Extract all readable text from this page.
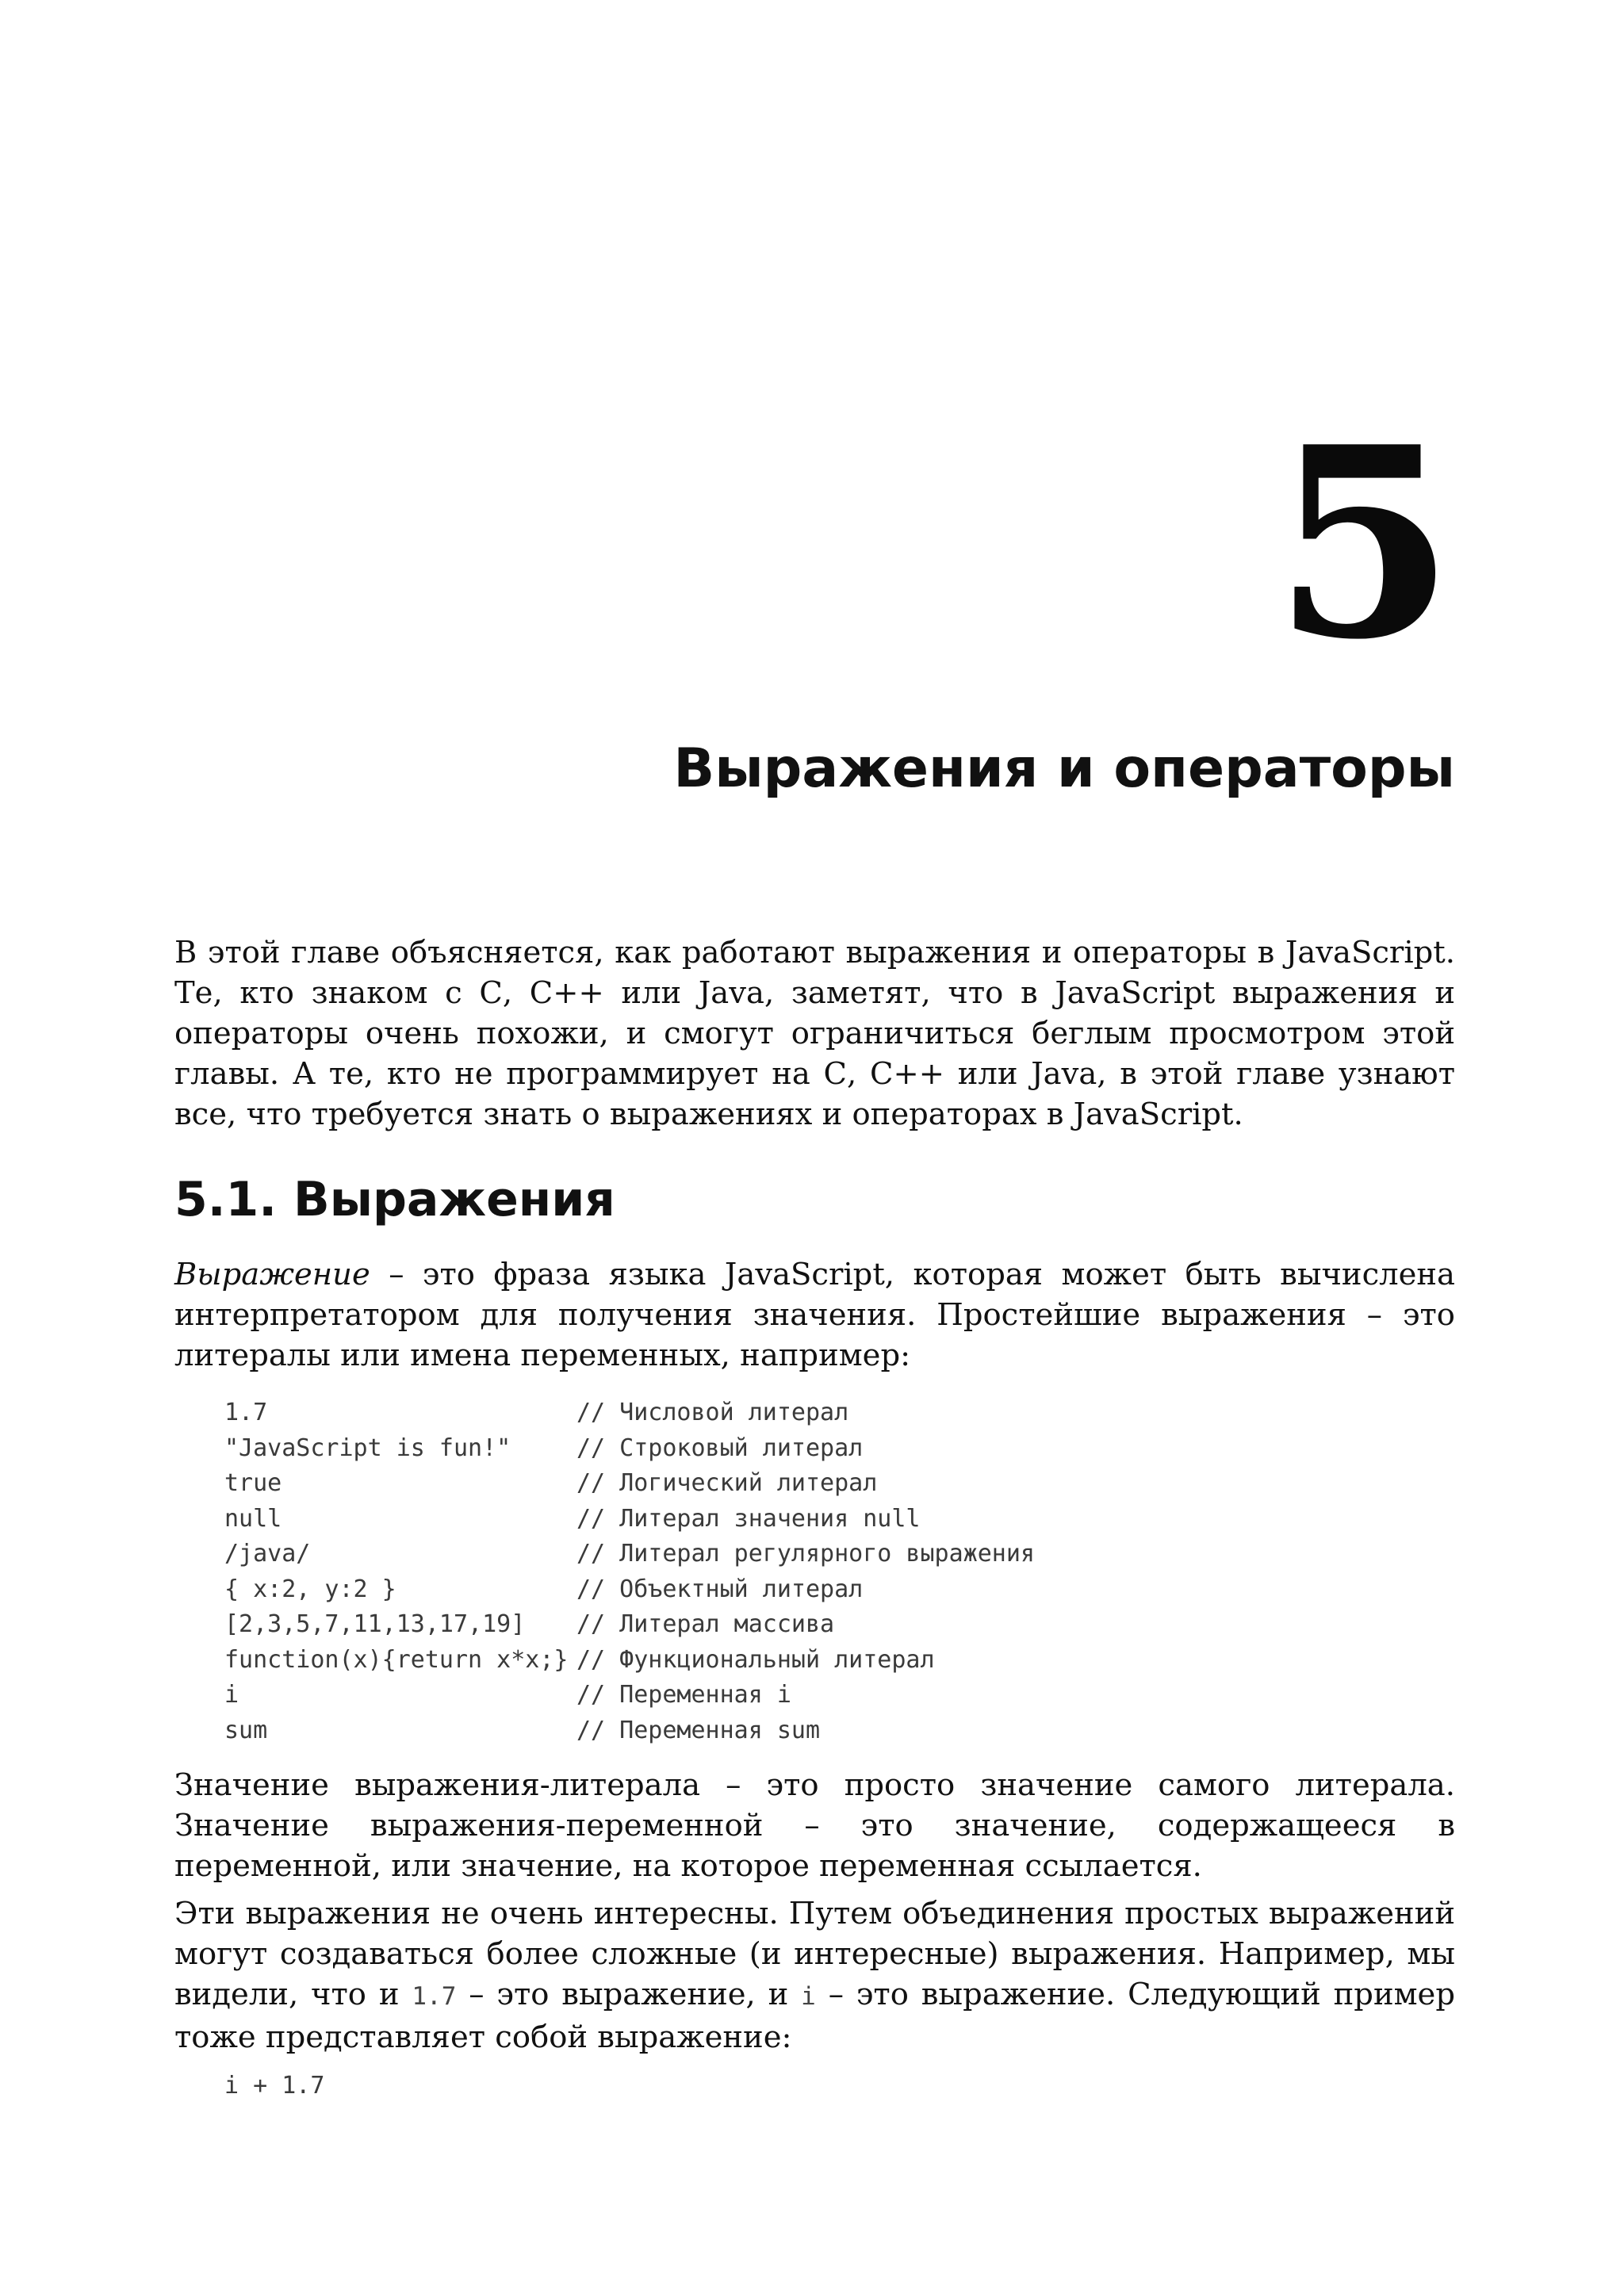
5
Выражения и операторы

В этой главе объясняется, как работают выражения и операторы в JavaScript. Те, кто знаком с С, С++ или Java, заметят, что в JavaScript выражения и операторы очень похожи, и смогут ограничиться беглым просмотром этой главы. А те, кто не программирует на С, С++ или Java, в этой главе узнают все, что требуется знать о выражениях и операторах в JavaScript.

5.1. Выражения

Выражение – это фраза языка JavaScript, которая может быть вычислена интерпретатором для получения значения. Простейшие выражения – это литералы или имена переменных, например:

1.7	// Числовой литерал
"JavaScript is fun!"	// Строковый литерал
true	// Логический литерал
null	// Литерал значения null
/java/	// Литерал регулярного выражения
{ x:2, y:2 }	// Объектный литерал
[2,3,5,7,11,13,17,19]	// Литерал массива
function(x){return x*x;} // Функциональный литерал
i	// Переменная i
sum	// Переменная sum

Значение выражения-литерала – это просто значение самого литерала. Значение выражения-переменной – это значение, содержащееся в переменной, или значение, на которое переменная ссылается.

Эти выражения не очень интересны. Путем объединения простых выражений могут создаваться более сложные (и интересные) выражения. Например, мы видели, что и 1.7 – это выражение, и i – это выражение. Следующий пример тоже представляет собой выражение:

i + 1.7
